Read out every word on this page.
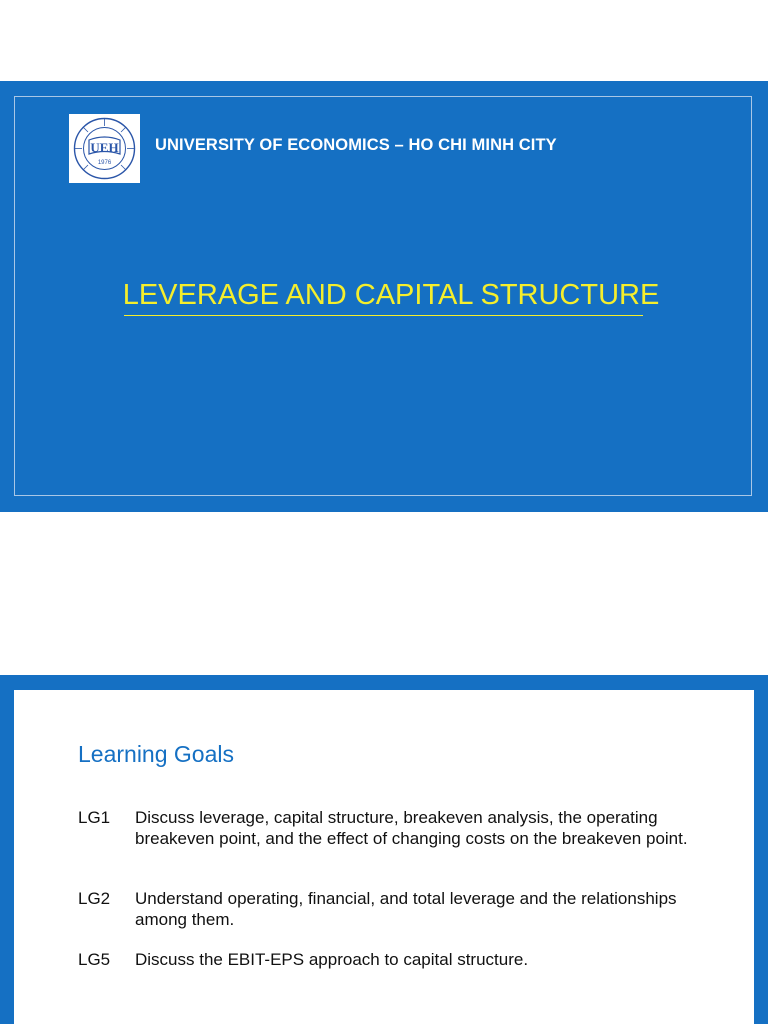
UEH
1976
UNIVERSITY OF ECONOMICS – HO CHI MINH CITY
LEVERAGE AND CAPITAL STRUCTURE
Learning Goals
LG1 Discuss leverage, capital structure, breakeven analysis, the operating breakeven point, and the effect of changing costs on the breakeven point.
LG2 Understand operating, financial, and total leverage and the relationships among them.
LG5 Discuss the EBIT-EPS approach to capital structure.
